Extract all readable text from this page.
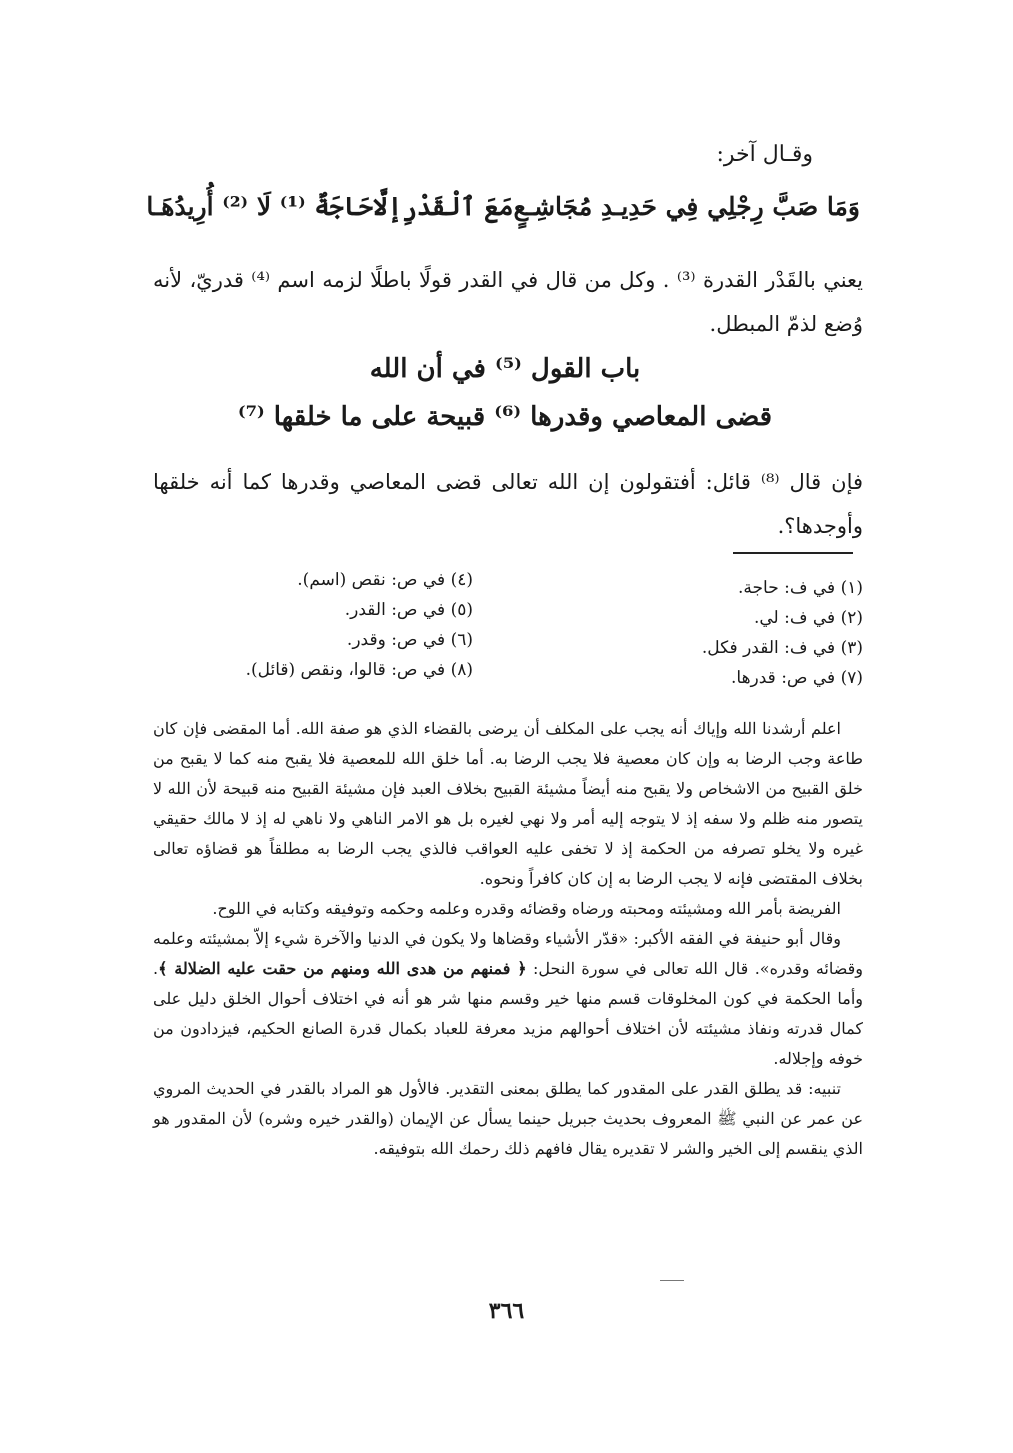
وقـال آخر:
وَمَا صَبَّ رِجْلِي فِي حَدِيـدِ مُجَاشِـعٍ
مَعَ ٱلْقَدْرِإلَّاحَاجَةٌ ⁽¹⁾ لَا ⁽²⁾ أُرِيدُهَـا
يعني بالقَدْر القدرة ⁽³⁾ . وكل من قال في القدر قولًا باطلًا لزمه اسم ⁽⁴⁾ قدريّ، لأنه وُضع لذمّ المبطل.
باب القول ⁽⁵⁾ في أن الله
قضى المعاصي وقدرها ⁽⁶⁾ قبيحة على ما خلقها ⁽⁷⁾
فإن قال ⁽⁸⁾ قائل: أفتقولون إن الله تعالى قضى المعاصي وقدرها كما أنه خلقها وأوجدها؟.
(١) في ف: حاجة.
(٢) في ف: لي.
(٣) في ف: القدر فكل.
(٧) في ص: قدرها.
(٤) في ص: نقص (اسم).
(٥) في ص: القدر.
(٦) في ص: وقدر.
(٨) في ص: قالوا، ونقص (قائل).

اعلم أرشدنا الله وإياك أنه يجب على المكلف أن يرضى بالقضاء الذي هو صفة الله. أما المقضى فإن كان طاعة وجب الرضا به وإن كان معصية فلا يجب الرضا به. أما خلق الله للمعصية فلا يقبح منه كما لا يقبح من خلق القبيح من الاشخاص ولا يقبح منه أيضاً مشيئة القبيح بخلاف العبد فإن مشيئة القبيح منه قبيحة لأن الله لا يتصور منه ظلم ولا سفه إذ لا يتوجه إليه أمر ولا نهي لغيره بل هو الامر الناهي ولا ناهي له إذ لا مالك حقيقي غيره ولا يخلو تصرفه من الحكمة إذ لا تخفى عليه العواقب فالذي يجب الرضا به مطلقاً هو قضاؤه تعالى بخلاف المقتضى فإنه لا يجب الرضا به إن كان كافراً ونحوه.

الفريضة بأمر الله ومشيئته ومحبته ورضاه وقضائه وقدره وعلمه وحكمه وتوفيقه وكتابه في اللوح.

وقال أبو حنيفة في الفقه الأكبر: «قدّر الأشياء وقضاها ولا يكون في الدنيا والآخرة شيء إلاّ بمشيئته وعلمه وقضائه وقدره». قال الله تعالى في سورة النحل: ﴿ فمنهم من هدى الله ومنهم من حقت عليه الضلالة ﴾. وأما الحكمة في كون المخلوقات قسم منها خير وقسم منها شر هو أنه في اختلاف أحوال الخلق دليل على كمال قدرته ونفاذ مشيئته لأن اختلاف أحوالهم مزيد معرفة للعباد بكمال قدرة الصانع الحكيم، فيزدادون من خوفه وإجلاله.

تنبيه: قد يطلق القدر على المقدور كما يطلق بمعنى التقدير. فالأول هو المراد بالقدر في الحديث المروي عن عمر عن النبي ﷺ المعروف بحديث جبريل حينما يسأل عن الإيمان (والقدر خيره وشره) لأن المقدور هو الذي ينقسم إلى الخير والشر لا تقديره يقال فافهم ذلك رحمك الله بتوفيقه.

٣٦٦
